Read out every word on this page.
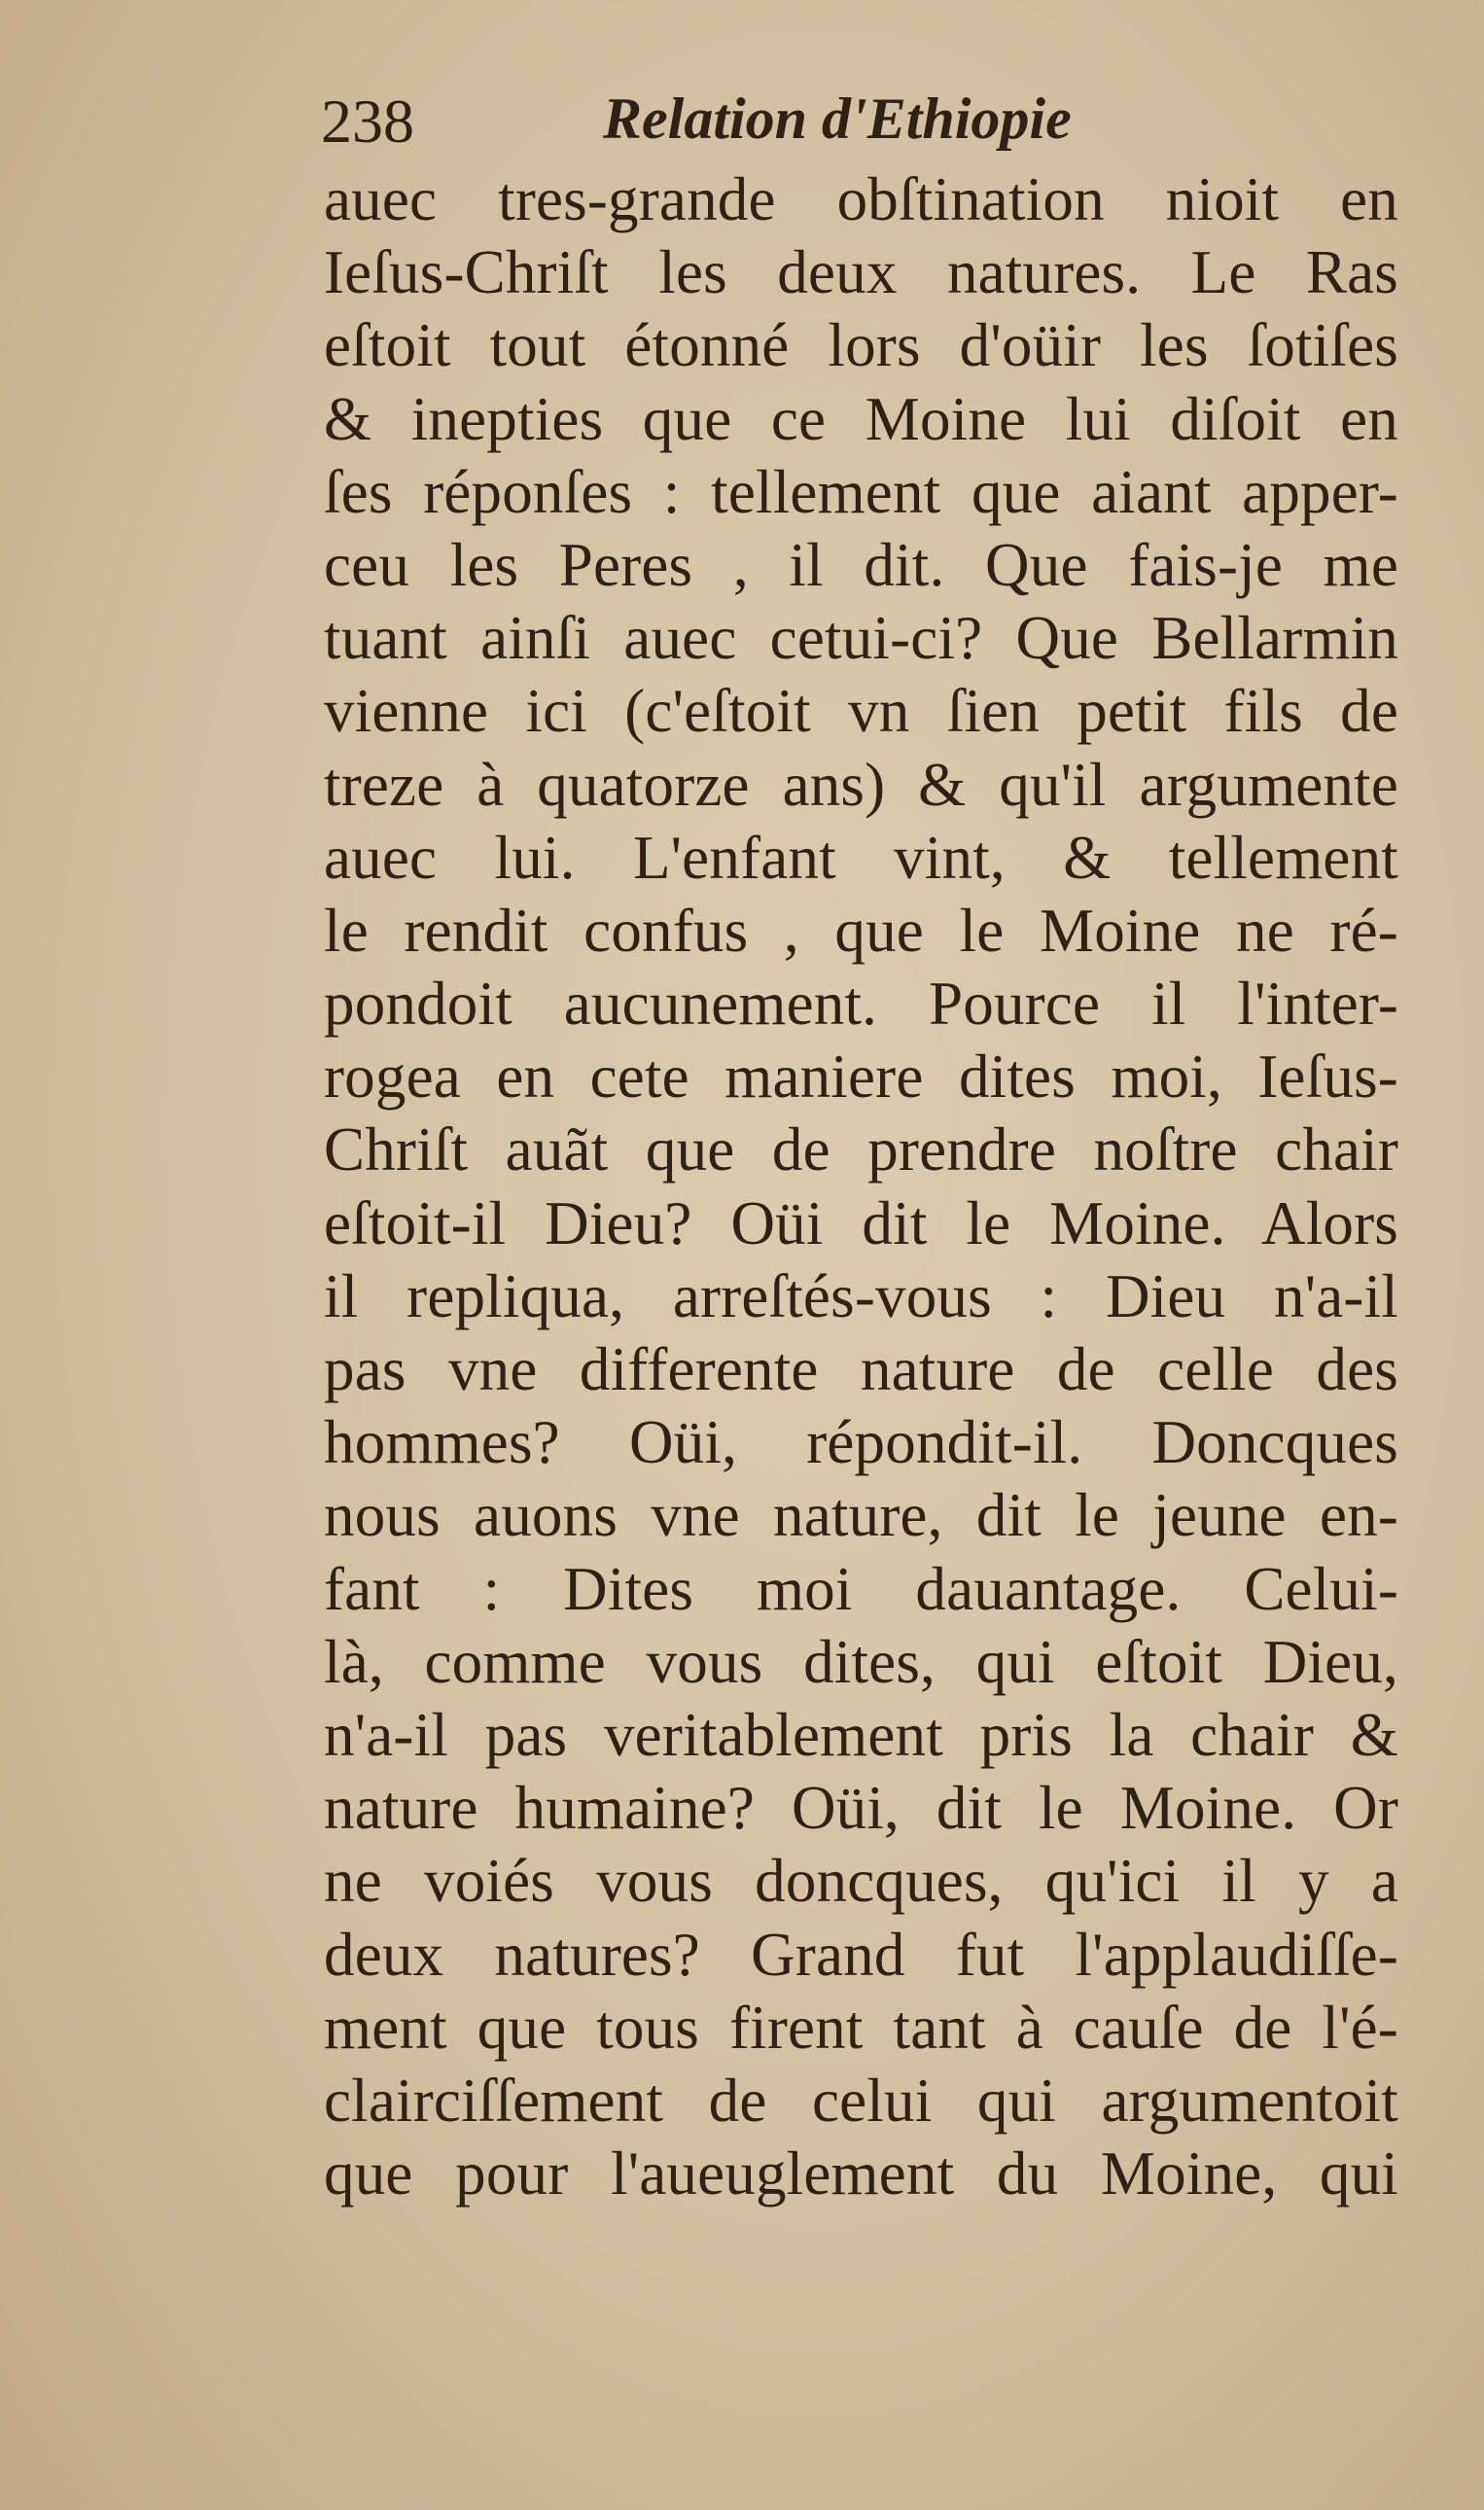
238	Relation d'Ethiopie
auec tres-grande obſtination nioit en
Ieſus-Chriſt les deux natures. Le Ras
eſtoit tout étonné lors d'oüir les ſotiſes
& inepties que ce Moine lui diſoit en
ſes réponſes : tellement que aiant apper-
ceu les Peres , il dit. Que fais-je me
tuant ainſi auec cetui-ci? Que Bellarmin
vienne ici (c'eſtoit vn ſien petit fils de
treze à quatorze ans) & qu'il argumente
auec lui. L'enfant vint, & tellement
le rendit confus , que le Moine ne ré-
pondoit aucunement. Pource il l'inter-
rogea en cete maniere dites moi, Ieſus-
Chriſt auãt que de prendre noſtre chair
eſtoit-il Dieu? Oüi dit le Moine. Alors
il repliqua, arreſtés-vous : Dieu n'a-il
pas vne differente nature de celle des
hommes? Oüi, répondit-il. Doncques
nous auons vne nature, dit le jeune en-
fant : Dites moi dauantage. Celui-
là, comme vous dites, qui eſtoit Dieu,
n'a-il pas veritablement pris la chair &
nature humaine? Oüi, dit le Moine. Or
ne voiés vous doncques, qu'ici il y a
deux natures? Grand fut l'applaudiſſe-
ment que tous firent tant à cauſe de l'é-
clairciſſement de celui qui argumentoit
que pour l'aueuglement du Moine, qui
